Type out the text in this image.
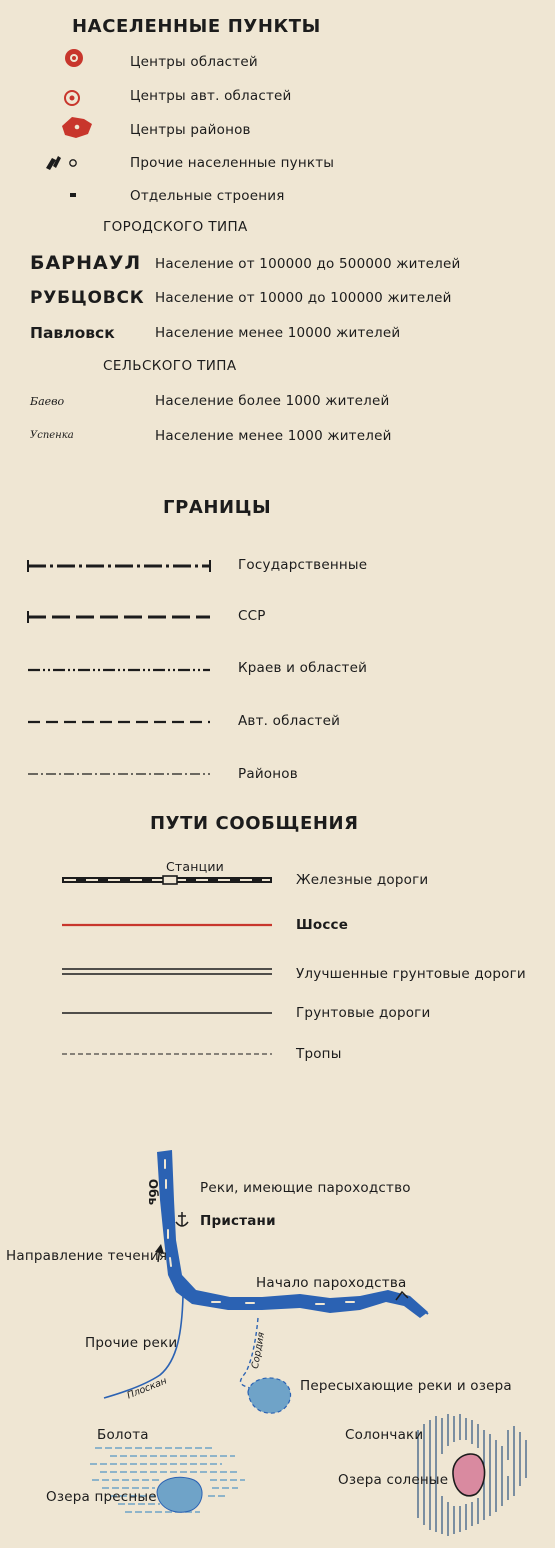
НАСЕЛЕННЫЕ ПУНКТЫ
Центры областей
Центры авт. областей
Центры районов
Прочие населенные пункты
Отдельные строения
ГОРОДСКОГО ТИПА
БАРНАУЛ Население от 100000 до 500000 жителей
РУБЦОВСК Население от 10000 до 100000 жителей
Павловск	Население менее 10000 жителей
СЕЛЬСКОГО ТИПА
Баево	Население более 1000 жителей
Успенка	Население менее 1000 жителей
ГРАНИЦЫ
Государственные
ССР
Краев и областей
Авт. областей
Районов
ПУТИ СООБЩЕНИЯ
Станции
Железные дороги
Шоссе
Улучшенные грунтовые дороги
Грунтовые дороги
Тропы
Обь
Плоскан
Сордия
Реки, имеющие пароходство
Пристани
Направление течения
Начало пароходства
Прочие реки
Пересыхающие реки и озера
Болота
Озера пресные
Солончаки
Озера соленые
